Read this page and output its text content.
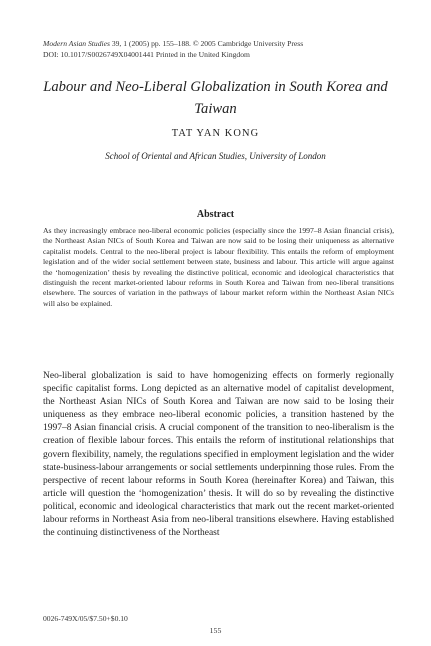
Modern Asian Studies 39, 1 (2005) pp. 155–188. © 2005 Cambridge University Press
DOI: 10.1017/S0026749X04001441 Printed in the United Kingdom
Labour and Neo-Liberal Globalization in South Korea and Taiwan
TAT YAN KONG
School of Oriental and African Studies, University of London
Abstract

As they increasingly embrace neo-liberal economic policies (especially since the 1997–8 Asian financial crisis), the Northeast Asian NICs of South Korea and Taiwan are now said to be losing their uniqueness as alternative capitalist models. Central to the neo-liberal project is labour flexibility. This entails the reform of employment legislation and of the wider social settlement between state, business and labour. This article will argue against the ‘homogenization’ thesis by revealing the distinctive political, economic and ideological characteristics that distinguish the recent market-oriented labour reforms in South Korea and Taiwan from neo-liberal transitions elsewhere. The sources of variation in the pathways of labour market reform within the Northeast Asian NICs will also be explained.

Neo-liberal globalization is said to have homogenizing effects on formerly regionally specific capitalist forms. Long depicted as an alternative model of capitalist development, the Northeast Asian NICs of South Korea and Taiwan are now said to be losing their uniqueness as they embrace neo-liberal economic policies, a transition hastened by the 1997–8 Asian financial crisis. A crucial component of the transition to neo-liberalism is the creation of flexible labour forces. This entails the reform of institutional relationships that govern flexibility, namely, the regulations specified in employment legislation and the wider state-business-labour arrangements or social settlements underpinning those rules. From the perspective of recent labour reforms in South Korea (hereinafter Korea) and Taiwan, this article will question the ‘homogenization’ thesis. It will do so by revealing the distinctive political, economic and ideological characteristics that mark out the recent market-oriented labour reforms in Northeast Asia from neo-liberal transitions elsewhere. Having established the continuing distinctiveness of the Northeast

0026-749X/05/$7.50+$0.10
155
